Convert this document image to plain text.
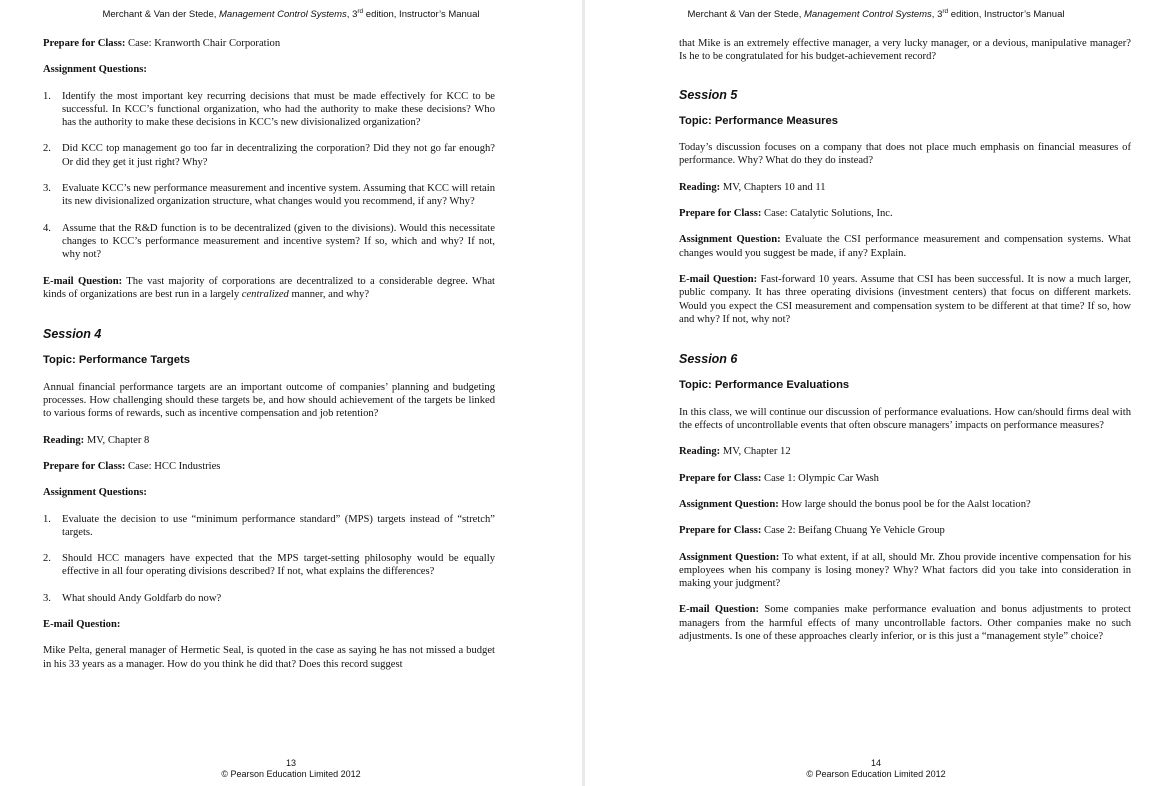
Merchant & Van der Stede, Management Control Systems, 3rd edition, Instructor’s Manual

Prepare for Class: Case: Kranworth Chair Corporation

Assignment Questions:

1. Identify the most important key recurring decisions that must be made effectively for KCC to be successful. In KCC’s functional organization, who had the authority to make these decisions? Who has the authority to make these decisions in KCC’s new divisionalized organization?
2. Did KCC top management go too far in decentralizing the corporation? Did they not go far enough? Or did they get it just right? Why?
3. Evaluate KCC’s new performance measurement and incentive system. Assuming that KCC will retain its new divisionalized organization structure, what changes would you recommend, if any? Why?
4. Assume that the R&D function is to be decentralized (given to the divisions). Would this necessitate changes to KCC’s performance measurement and incentive system? If so, which and why? If not, why not?

E-mail Question: The vast majority of corporations are decentralized to a considerable degree. What kinds of organizations are best run in a largely centralized manner, and why?

Session 4
Topic: Performance Targets

Annual financial performance targets are an important outcome of companies’ planning and budgeting processes. How challenging should these targets be, and how should achievement of the targets be linked to various forms of rewards, such as incentive compensation and job retention?

Reading: MV, Chapter 8

Prepare for Class: Case: HCC Industries

Assignment Questions:

1. Evaluate the decision to use “minimum performance standard” (MPS) targets instead of “stretch” targets.
2. Should HCC managers have expected that the MPS target-setting philosophy would be equally effective in all four operating divisions described? If not, what explains the differences?
3. What should Andy Goldfarb do now?

E-mail Question:

Mike Pelta, general manager of Hermetic Seal, is quoted in the case as saying he has not missed a budget in his 33 years as a manager. How do you think he did that? Does this record suggest

13
© Pearson Education Limited 2012
Merchant & Van der Stede, Management Control Systems, 3rd edition, Instructor’s Manual

that Mike is an extremely effective manager, a very lucky manager, or a devious, manipulative manager? Is he to be congratulated for his budget-achievement record?

Session 5
Topic: Performance Measures

Today’s discussion focuses on a company that does not place much emphasis on financial measures of performance. Why? What do they do instead?

Reading: MV, Chapters 10 and 11

Prepare for Class: Case: Catalytic Solutions, Inc.

Assignment Question: Evaluate the CSI performance measurement and compensation systems. What changes would you suggest be made, if any? Explain.

E-mail Question: Fast-forward 10 years. Assume that CSI has been successful. It is now a much larger, public company. It has three operating divisions (investment centers) that focus on different markets. Would you expect the CSI measurement and compensation system to be different at that time? If so, how and why? If not, why not?

Session 6
Topic: Performance Evaluations

In this class, we will continue our discussion of performance evaluations. How can/should firms deal with the effects of uncontrollable events that often obscure managers’ impacts on performance measures?

Reading: MV, Chapter 12

Prepare for Class: Case 1: Olympic Car Wash

Assignment Question: How large should the bonus pool be for the Aalst location?

Prepare for Class: Case 2: Beifang Chuang Ye Vehicle Group

Assignment Question: To what extent, if at all, should Mr. Zhou provide incentive compensation for his employees when his company is losing money? Why? What factors did you take into consideration in making your judgment?

E-mail Question: Some companies make performance evaluation and bonus adjustments to protect managers from the harmful effects of many uncontrollable factors. Other companies make no such adjustments. Is one of these approaches clearly inferior, or is this just a “management style” choice?

14
© Pearson Education Limited 2012
